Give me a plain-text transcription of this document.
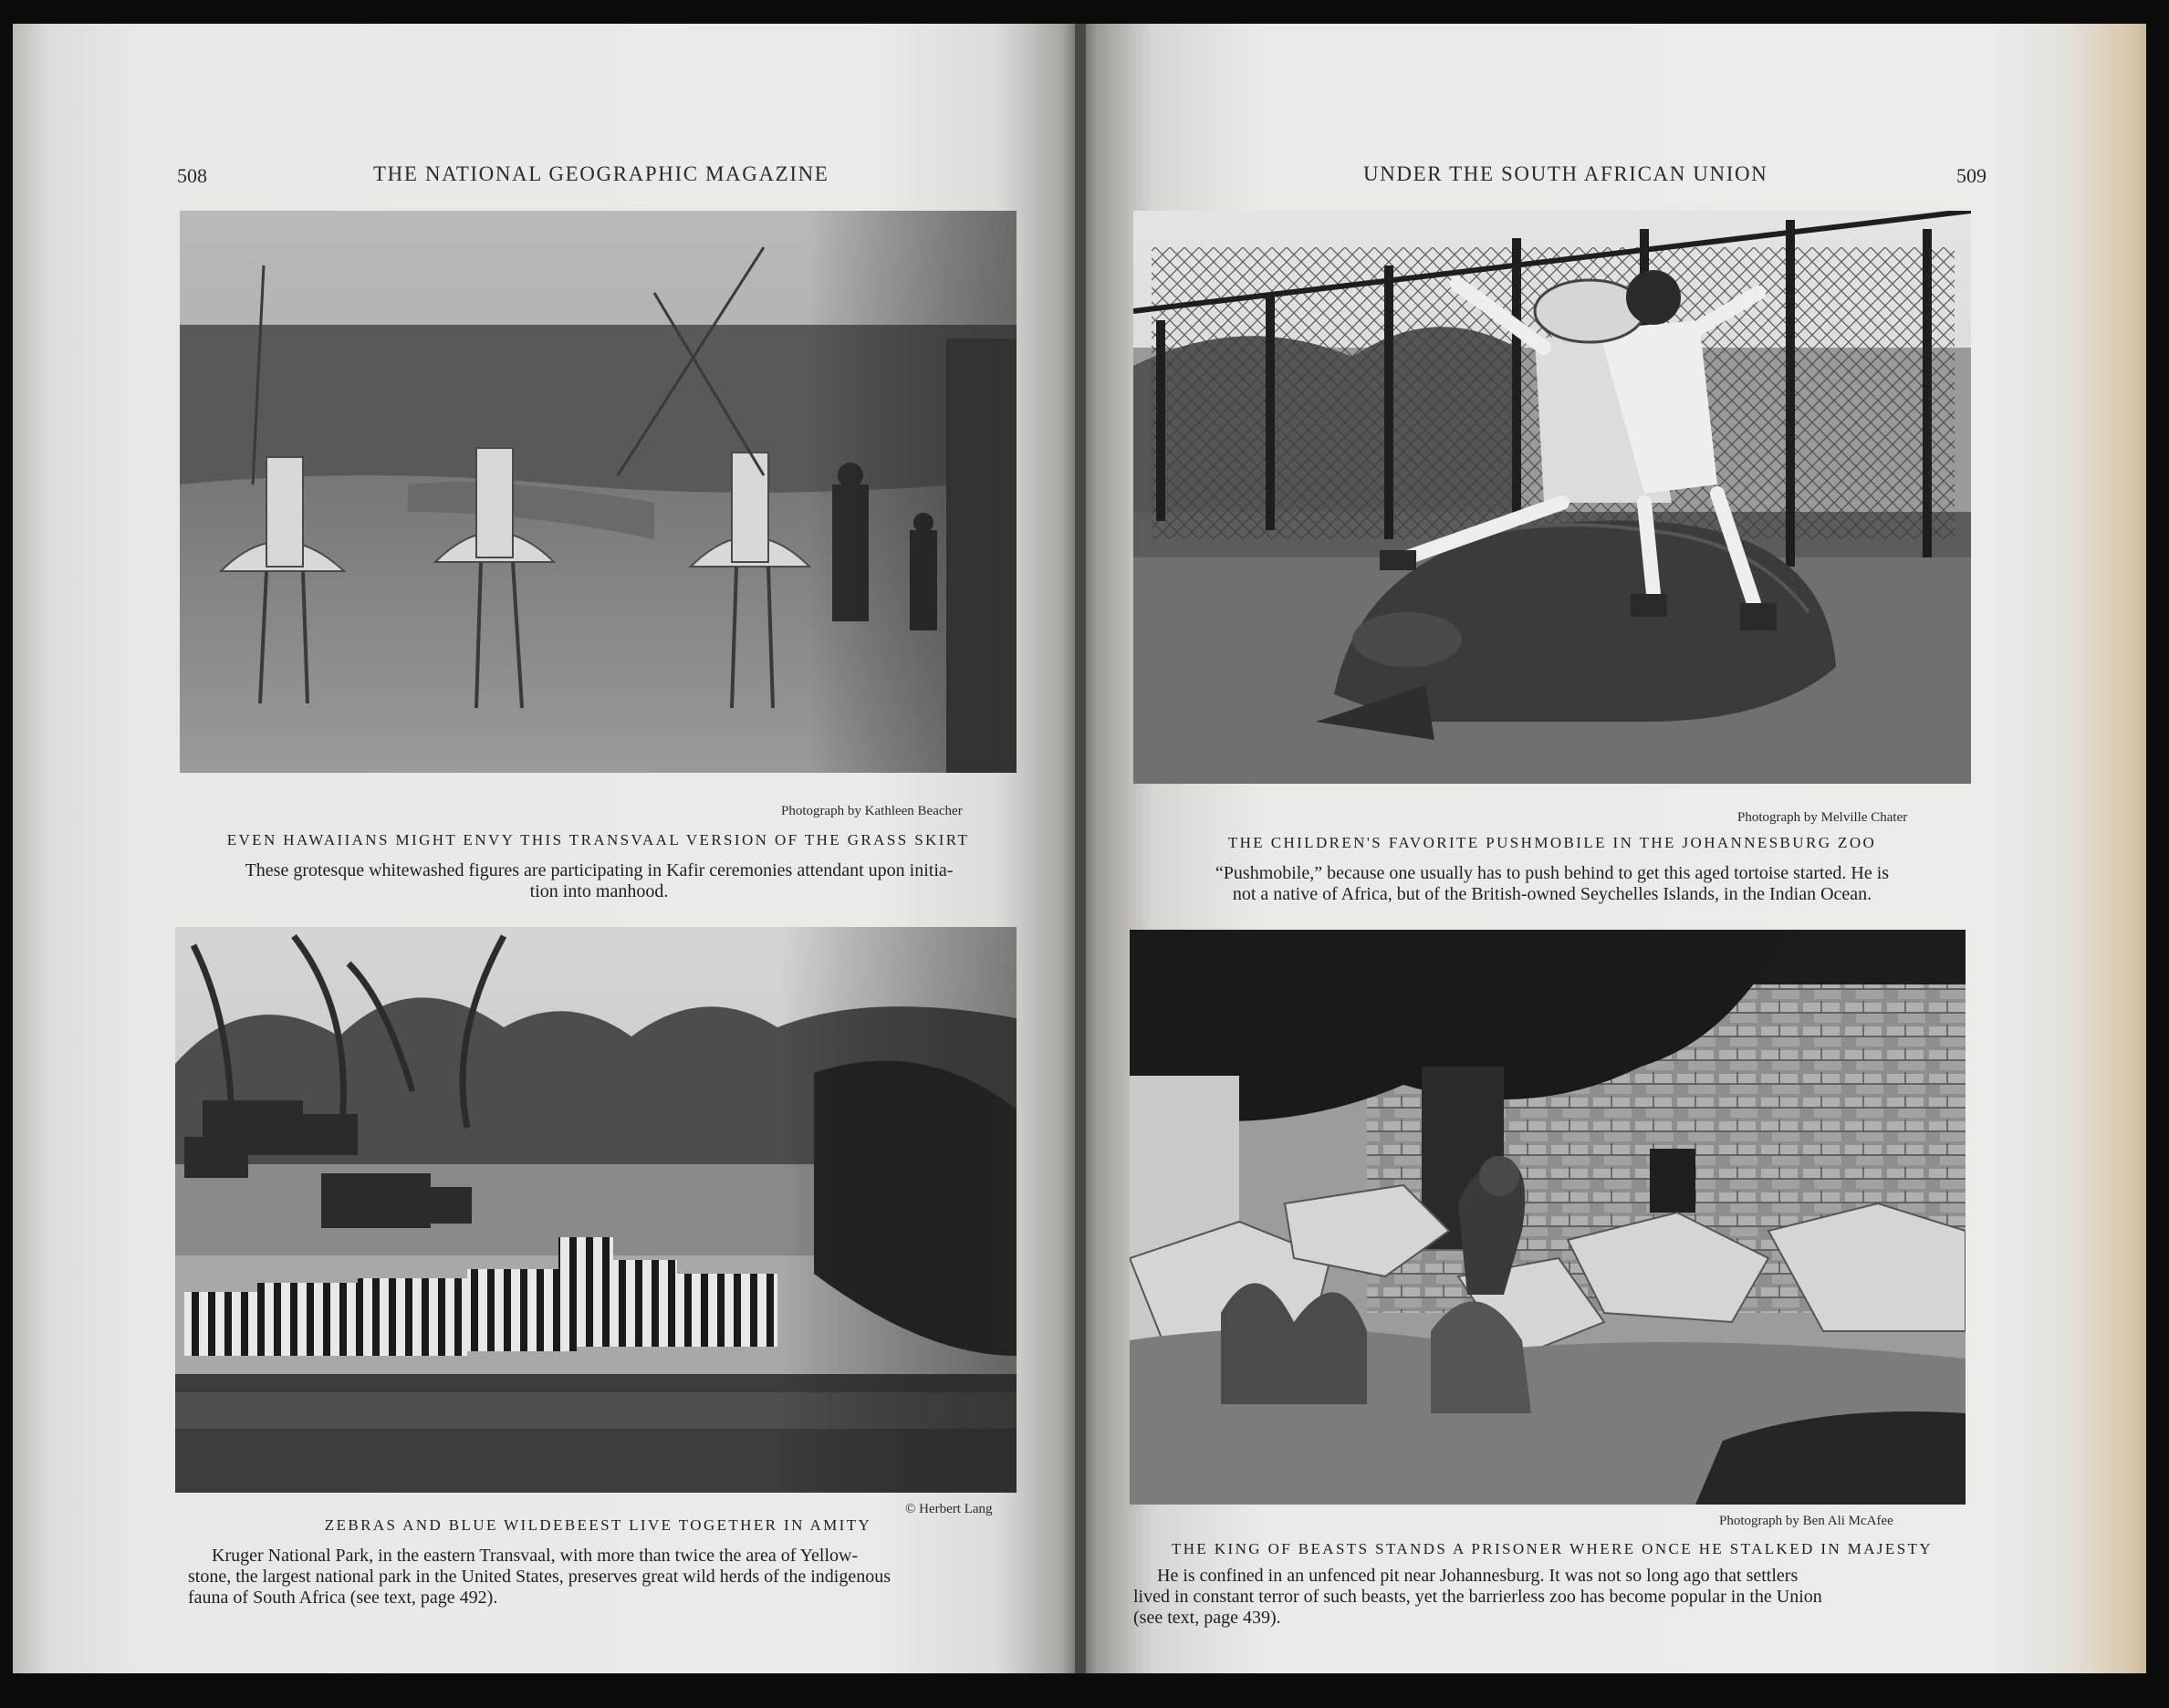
508	THE NATIONAL GEOGRAPHIC MAGAZINE
Photograph by Kathleen Beacher
EVEN HAWAIIANS MIGHT ENVY THIS TRANSVAAL VERSION OF THE GRASS SKIRT

These grotesque whitewashed figures are participating in Kafir ceremonies attendant upon initia-

tion into manhood.

© Herbert Lang
ZEBRAS AND BLUE WILDEBEEST LIVE TOGETHER IN AMITY

Kruger National Park, in the eastern Transvaal, with more than twice the area of Yellow-

stone, the largest national park in the United States, preserves great wild herds of the indigenous

fauna of South Africa (see text, page 492).

UNDER THE SOUTH AFRICAN UNION	509
Photograph by Melville Chater
THE CHILDREN'S FAVORITE PUSHMOBILE IN THE JOHANNESBURG ZOO

“Pushmobile,” because one usually has to push behind to get this aged tortoise started. He is

not a native of Africa, but of the British-owned Seychelles Islands, in the Indian Ocean.

Photograph by Ben Ali McAfee
THE KING OF BEASTS STANDS A PRISONER WHERE ONCE HE STALKED IN MAJESTY

He is confined in an unfenced pit near Johannesburg. It was not so long ago that settlers

lived in constant terror of such beasts, yet the barrierless zoo has become popular in the Union

(see text, page 439).
